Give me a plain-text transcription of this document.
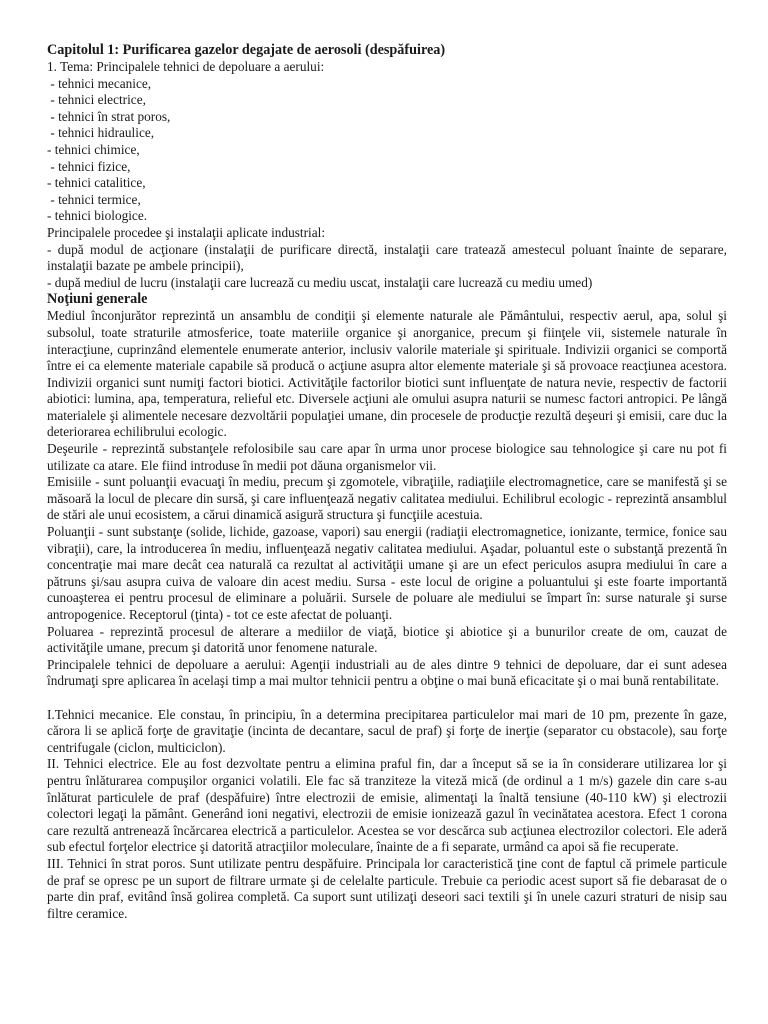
Capitolul 1: Purificarea gazelor degajate de aerosoli (despăfuirea)

1. Tema: Principalele tehnici de depoluare a aerului:

- tehnici mecanice,

- tehnici electrice,

- tehnici în strat poros,

- tehnici hidraulice,

- tehnici chimice,

- tehnici fizice,

- tehnici catalitice,

- tehnici termice,

- tehnici biologice.

Principalele procedee şi instalaţii aplicate industrial:

- după modul de acţionare (instalaţii de purificare directă, instalaţii care tratează amestecul poluant înainte de separare, instalaţii bazate pe ambele principii),

- după mediul de lucru (instalaţii care lucrează cu mediu uscat, instalaţii care lucrează cu mediu umed)

Noţiuni generale

Mediul înconjurător reprezintă un ansamblu de condiţii şi elemente naturale ale Pământului, respectiv aerul, apa, solul şi subsolul, toate straturile atmosferice, toate materiile organice şi anorganice, precum şi fiinţele vii, sistemele naturale în interacţiune, cuprinzând elementele enumerate anterior, inclusiv valorile materiale şi spirituale. Indivizii organici se comportă între ei ca elemente materiale capabile să producă o acţiune asupra altor elemente materiale şi să provoace reacţiunea acestora. Indivizii organici sunt numiţi factori biotici. Activităţile factorilor biotici sunt influenţate de natura nevie, respectiv de factorii abiotici: lumina, apa, temperatura, relieful etc. Diversele acţiuni ale omului asupra naturii se numesc factori antropici. Pe lângă materialele şi alimentele necesare dezvoltării populaţiei umane, din procesele de producţie rezultă deşeuri şi emisii, care duc la deteriorarea echilibrului ecologic.

Deşeurile - reprezintă substanţele refolosibile sau care apar în urma unor procese biologice sau tehnologice şi care nu pot fi utilizate ca atare. Ele fiind introduse în medii pot dăuna organismelor vii.

Emisiile - sunt poluanţii evacuaţi în mediu, precum şi zgomotele, vibraţiile, radiaţiile electromagnetice, care se manifestă şi se măsoară la locul de plecare din sursă, şi care influenţează negativ calitatea mediului. Echilibrul ecologic - reprezintă ansamblul de stări ale unui ecosistem, a cărui dinamică asigură structura şi funcţiile acestuia.

Poluanţii - sunt substanţe (solide, lichide, gazoase, vapori) sau energii (radiaţii electromagnetice, ionizante, termice, fonice sau vibraţii), care, la introducerea în mediu, influenţează negativ calitatea mediului. Aşadar, poluantul este o substanţă prezentă în concentraţie mai mare decât cea naturală ca rezultat al activităţii umane şi are un efect periculos asupra mediului în care a pătruns şi/sau asupra cuiva de valoare din acest mediu. Sursa - este locul de origine a poluantului şi este foarte importantă cunoaşterea ei pentru procesul de eliminare a poluării. Sursele de poluare ale mediului se împart în: surse naturale şi surse antropogenice. Receptorul (ţinta) - tot ce este afectat de poluanţi.

Poluarea - reprezintă procesul de alterare a mediilor de viaţă, biotice şi abiotice şi a bunurilor create de om, cauzat de activităţile umane, precum şi datorită unor fenomene naturale.

Principalele tehnici de depoluare a aerului: Agenţii industriali au de ales dintre 9 tehnici de depoluare, dar ei sunt adesea îndrumaţi spre aplicarea în acelaşi timp a mai multor tehnicii pentru a obţine o mai bună eficacitate şi o mai bună rentabilitate.

I.Tehnici mecanice. Ele constau, în principiu, în a determina precipitarea particulelor mai mari de 10 pm, prezente în gaze, cărora li se aplică forţe de gravitaţie (incinta de decantare, sacul de praf) şi forţe de inerţie (separator cu obstacole), sau forţe centrifugale (ciclon, multiciclon).

II. Tehnici electrice. Ele au fost dezvoltate pentru a elimina praful fin, dar a început să se ia în considerare utilizarea lor şi pentru înlăturarea compuşilor organici volatili. Ele fac să tranziteze la viteză mică (de ordinul a 1 m/s) gazele din care s-au înlăturat particulele de praf (despăfuire) între electrozii de emisie, alimentaţi la înaltă tensiune (40-110 kW) şi electrozii colectori legaţi la pământ. Generând ioni negativi, electrozii de emisie ionizează gazul în vecinătatea acestora. Efect 1 corona care rezultă antrenează încărcarea electrică a particulelor. Acestea se vor descărca sub acţiunea electrozilor colectori. Ele aderă sub efectul forţelor electrice şi datorită atracţiilor moleculare, înainte de a fi separate, urmând ca apoi să fie recuperate.

III. Tehnici în strat poros. Sunt utilizate pentru despăfuire. Principala lor caracteristică ţine cont de faptul că primele particule de praf se opresc pe un suport de filtrare urmate şi de celelalte particule. Trebuie ca periodic acest suport să fie debarasat de o parte din praf, evitând însă golirea completă. Ca suport sunt utilizaţi deseori saci textili şi în unele cazuri straturi de nisip sau filtre ceramice.
